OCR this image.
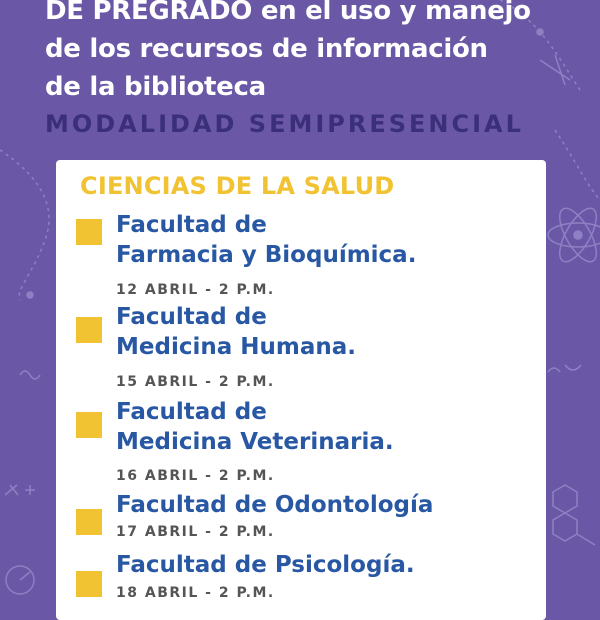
DE PREGRADO en el uso y manejo
de los recursos de información
de la biblioteca
MODALIDAD SEMIPRESENCIAL
CIENCIAS DE LA SALUD
Facultad de
Farmacia y Bioquímica.
12 ABRIL - 2 P.M.
Facultad de
Medicina Humana.
15 ABRIL - 2 P.M.
Facultad de
Medicina Veterinaria.
16 ABRIL - 2 P.M.
Facultad de Odontología
17 ABRIL - 2 P.M.
Facultad de Psicología.
18 ABRIL - 2 P.M.
